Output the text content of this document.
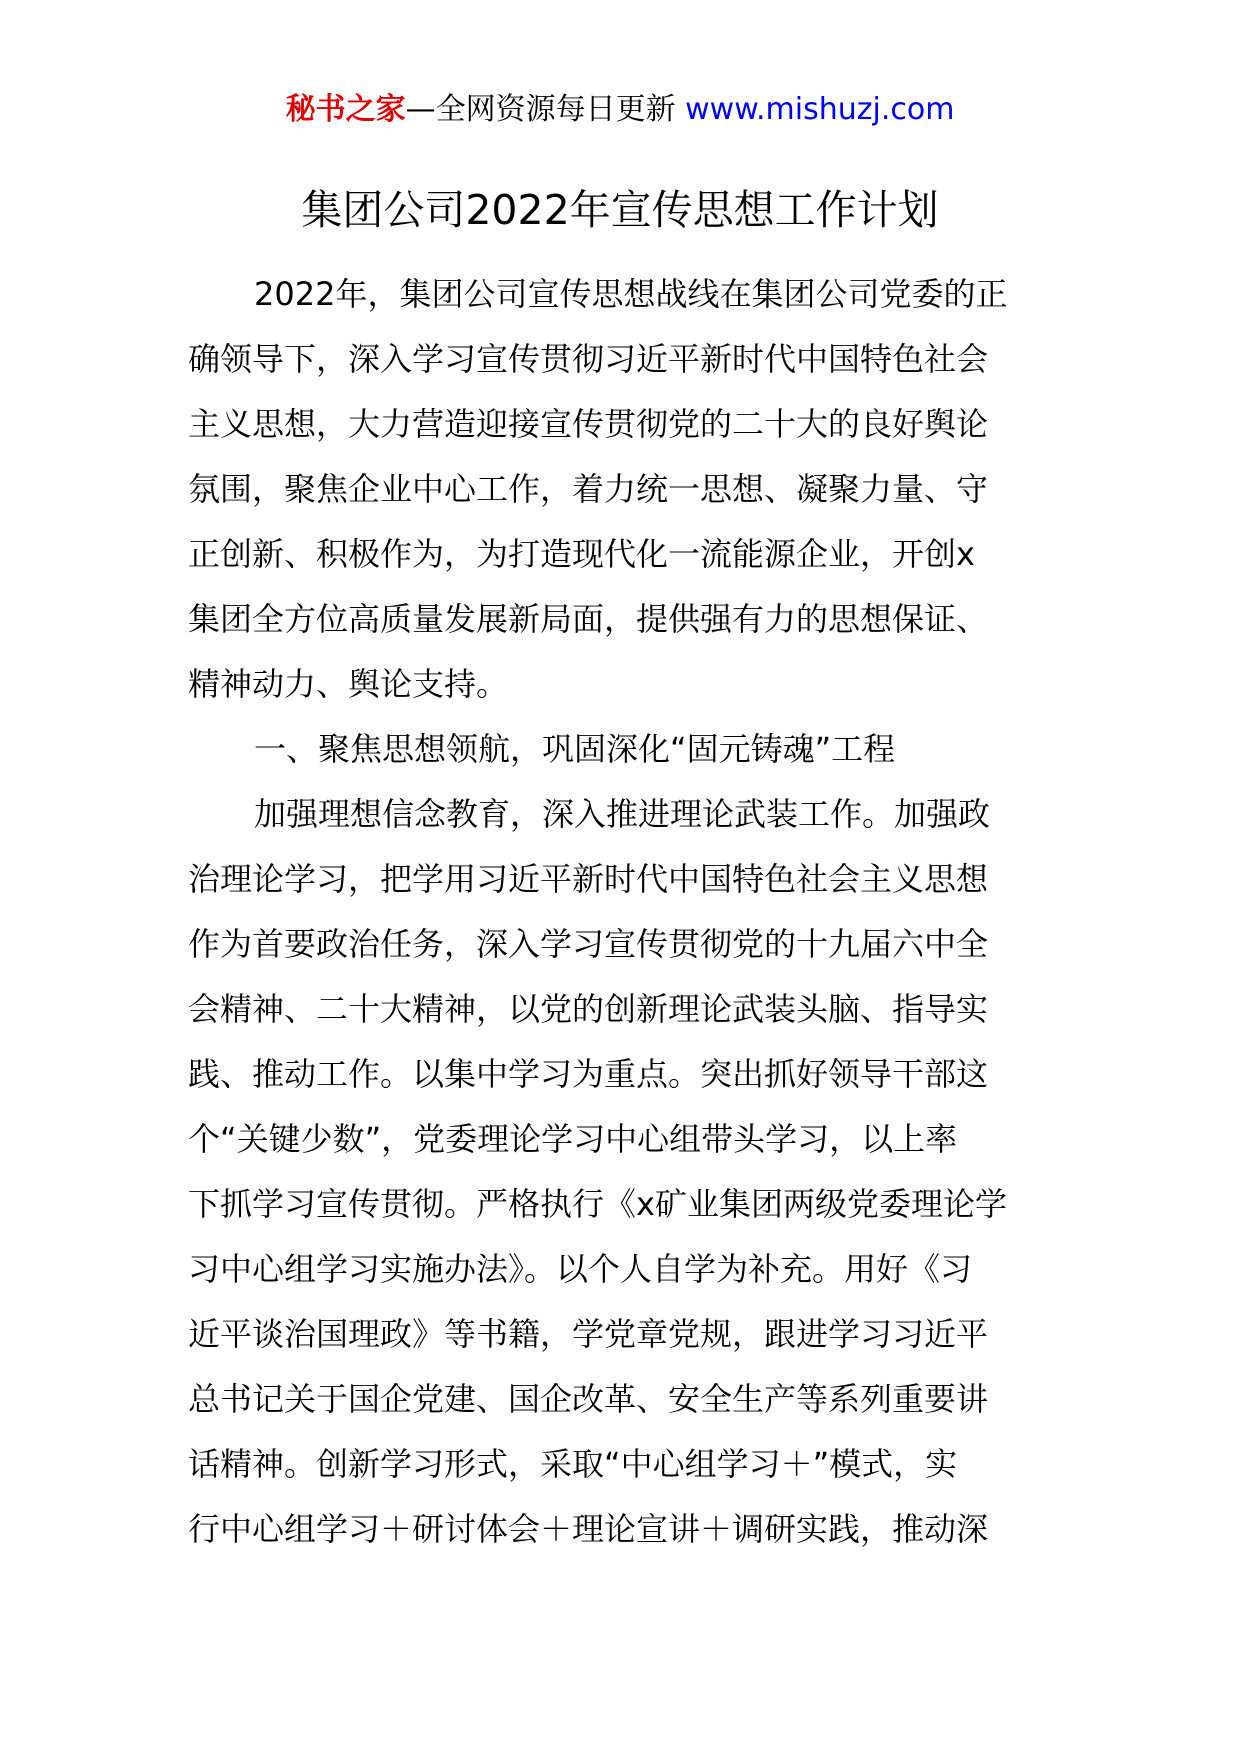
秘书之家—全网资源每日更新 www.mishuzj.com
集团公司2022年宣传思想工作计划
2022年，集团公司宣传思想战线在集团公司党委的正
确领导下，深入学习宣传贯彻习近平新时代中国特色社会
主义思想，大力营造迎接宣传贯彻党的二十大的良好舆论
氛围，聚焦企业中心工作，着力统一思想、凝聚力量、守
正创新、积极作为，为打造现代化一流能源企业，开创x
集团全方位高质量发展新局面，提供强有力的思想保证、
精神动力、舆论支持。
一、聚焦思想领航，巩固深化“固元铸魂”工程
加强理想信念教育，深入推进理论武装工作。加强政
治理论学习，把学用习近平新时代中国特色社会主义思想
作为首要政治任务，深入学习宣传贯彻党的十九届六中全
会精神、二十大精神，以党的创新理论武装头脑、指导实
践、推动工作。以集中学习为重点。突出抓好领导干部这
个“关键少数”，党委理论学习中心组带头学习，以上率
下抓学习宣传贯彻。严格执行《x矿业集团两级党委理论学
习中心组学习实施办法》。以个人自学为补充。用好《习
近平谈治国理政》等书籍，学党章党规，跟进学习习近平
总书记关于国企党建、国企改革、安全生产等系列重要讲
话精神。创新学习形式，采取“中心组学习＋”模式，实
行中心组学习＋研讨体会＋理论宣讲＋调研实践，推动深
